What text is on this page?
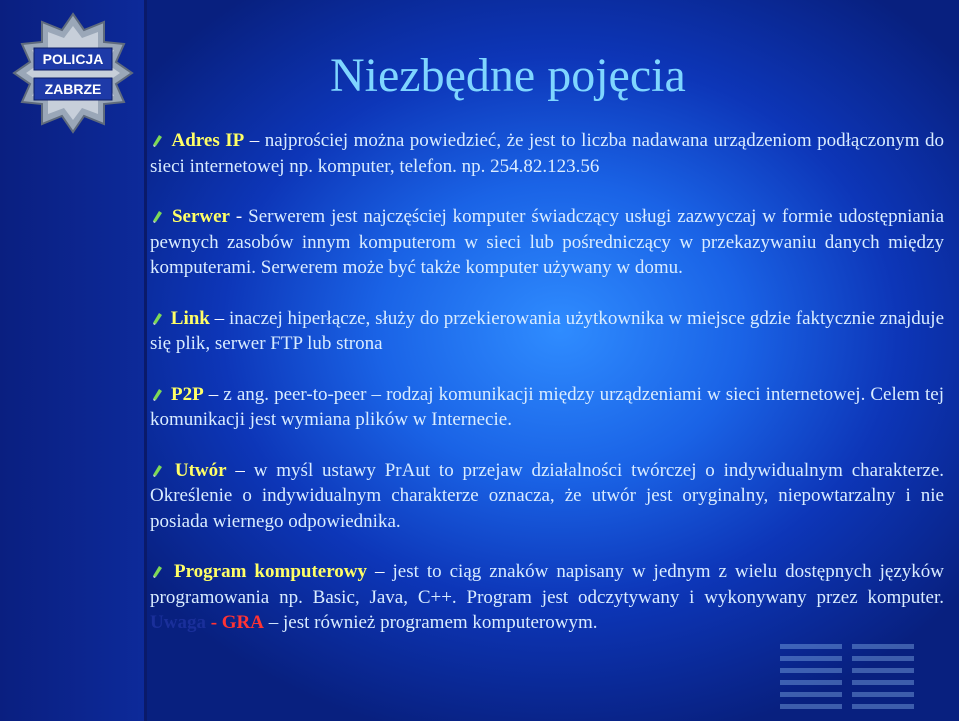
POLICJA
ZABRZE	Niezbędne pojęcia

Adres IP – najprościej można powiedzieć, że jest to liczba nadawana urządzeniom podłączonym do sieci internetowej np. komputer, telefon. np. 254.82.123.56

Serwer - Serwerem jest najczęściej komputer świadczący usługi zazwyczaj w formie udostępniania pewnych zasobów innym komputerom w sieci lub pośredniczący w przekazywaniu danych między komputerami. Serwerem może być także komputer używany w domu.

Link – inaczej hiperłącze, służy do przekierowania użytkownika w miejsce gdzie faktycznie znajduje się plik, serwer FTP lub strona

P2P – z ang. peer-to-peer – rodzaj komunikacji między urządzeniami w sieci internetowej. Celem tej komunikacji jest wymiana plików w Internecie.

Utwór – w myśl ustawy PrAut to przejaw działalności twórczej o indywidualnym charakterze. Określenie o indywidualnym charakterze oznacza, że utwór jest oryginalny, niepowtarzalny i nie posiada wiernego odpowiednika.

Program komputerowy – jest to ciąg znaków napisany w jednym z wielu dostępnych języków programowania np. Basic, Java, C++. Program jest odczytywany i wykonywany przez komputer. Uwaga - GRA – jest również programem komputerowym.
